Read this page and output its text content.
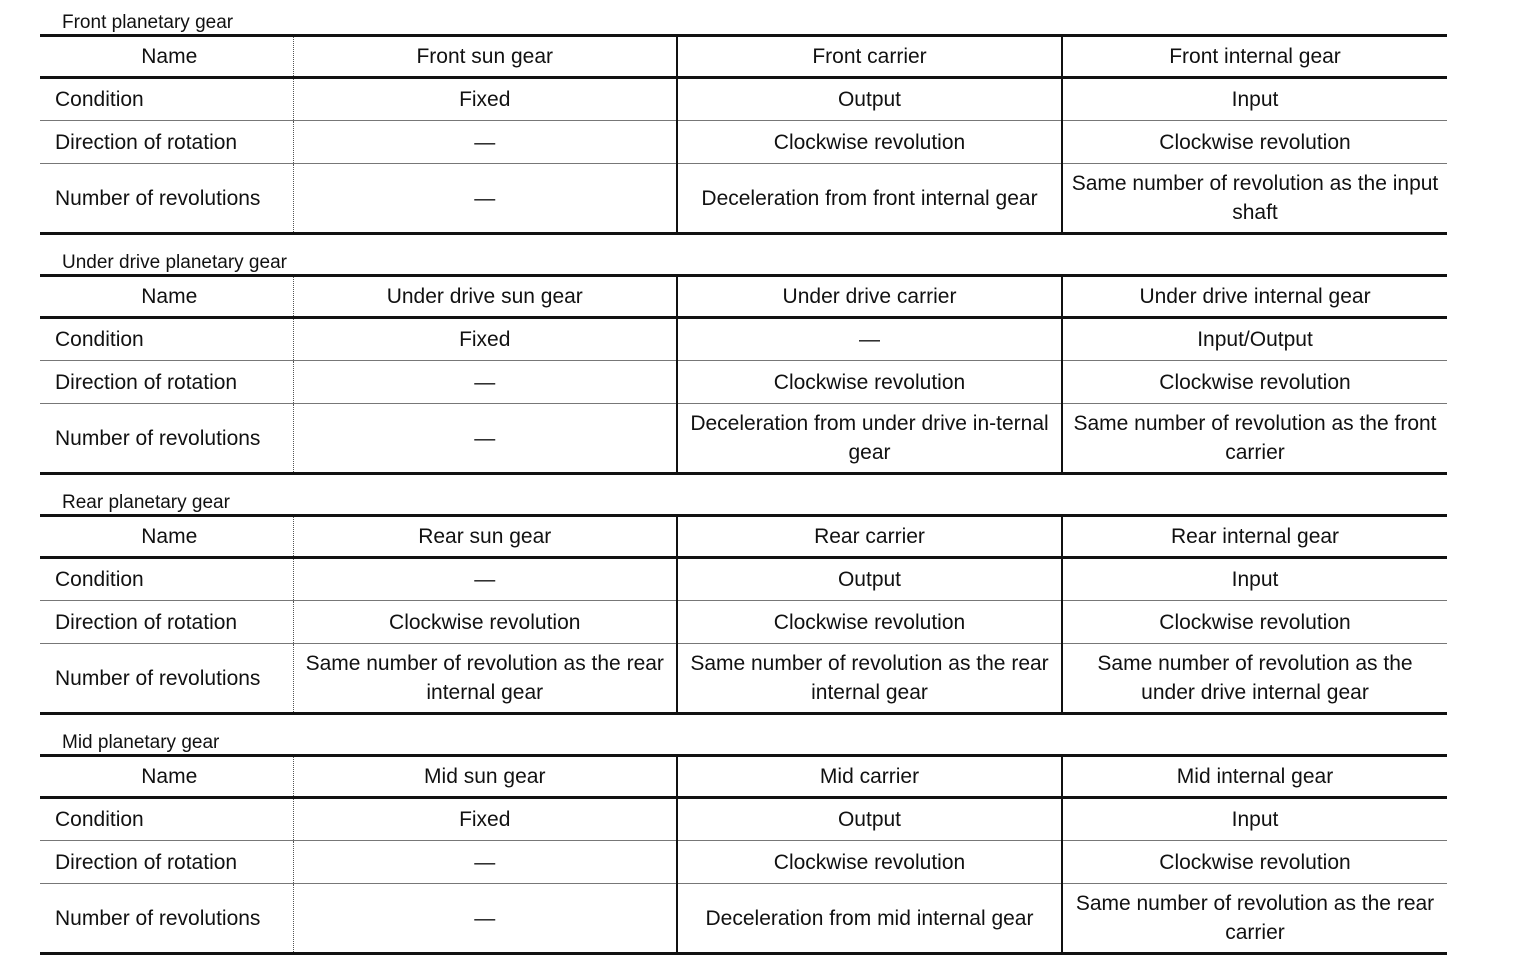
Front planetary gear
Name	Front sun gear	Front carrier	Front internal gear
Condition	Fixed	Output	Input
Direction of rotation	—	Clockwise revolution	Clockwise revolution
Number of revolutions	—	Deceleration from front internal gear	Same number of revolution as the input shaft
Under drive planetary gear
Name	Under drive sun gear	Under drive carrier	Under drive internal gear
Condition	Fixed	—	Input/Output
Direction of rotation	—	Clockwise revolution	Clockwise revolution
Number of revolutions	—	Deceleration from under drive in-ternal gear	Same number of revolution as the front carrier
Rear planetary gear
Name	Rear sun gear	Rear carrier	Rear internal gear
Condition	—	Output	Input
Direction of rotation	Clockwise revolution	Clockwise revolution	Clockwise revolution
Number of revolutions	Same number of revolution as the rear internal gear	Same number of revolution as the rear internal gear	Same number of revolution as the under drive internal gear
Mid planetary gear
Name	Mid sun gear	Mid carrier	Mid internal gear
Condition	Fixed	Output	Input
Direction of rotation	—	Clockwise revolution	Clockwise revolution
Number of revolutions	—	Deceleration from mid internal gear	Same number of revolution as the rear carrier
